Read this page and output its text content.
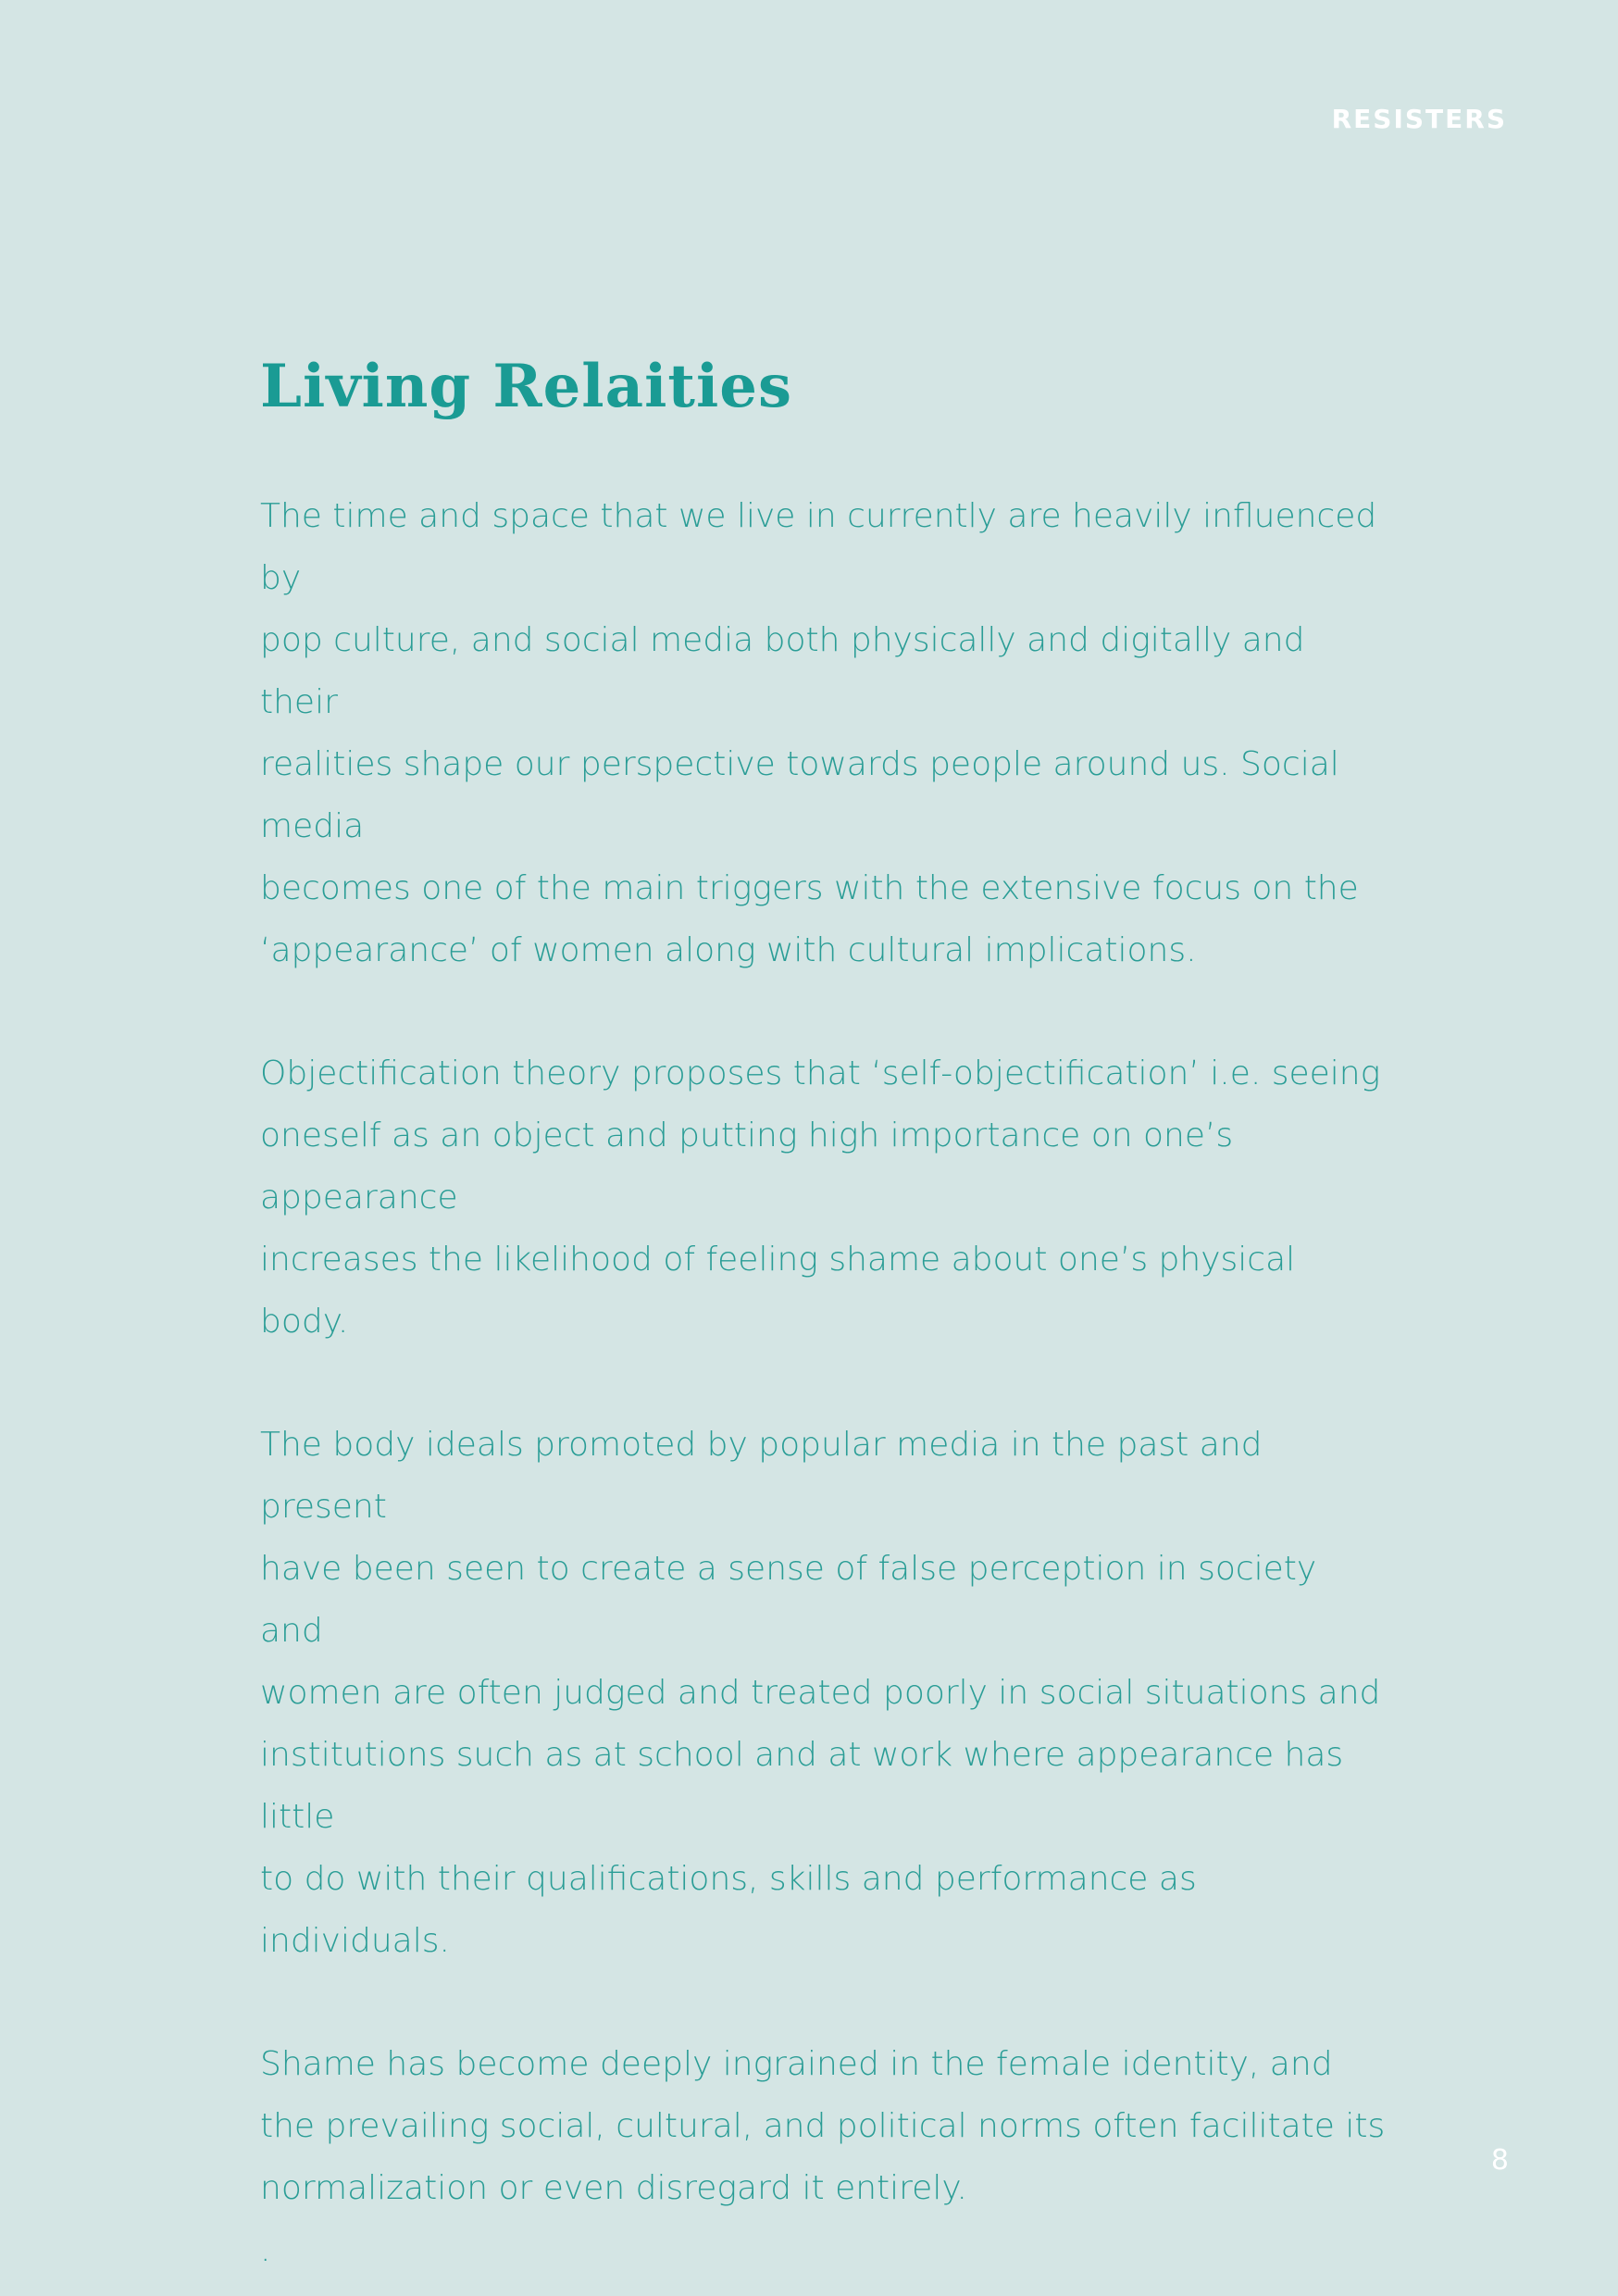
RESISTERS

Living Relaities

The time and space that we live in currently are heavily influenced by
pop culture, and social media both physically and digitally and their
realities shape our perspective towards people around us. Social media
becomes one of the main triggers with the extensive focus on the
‘appearance’ of women along with cultural implications.

Objectification theory proposes that ‘self-objectification’ i.e. seeing
oneself as an object and putting high importance on one’s appearance
increases the likelihood of feeling shame about one’s physical body.

The body ideals promoted by popular media in the past and present
have been seen to create a sense of false perception in society and
women are often judged and treated poorly in social situations and
institutions such as at school and at work where appearance has little
to do with their qualifications, skills and performance as individuals.

Shame has become deeply ingrained in the female identity, and
the prevailing social, cultural, and political norms often facilitate its
normalization or even disregard it entirely.
.

8
